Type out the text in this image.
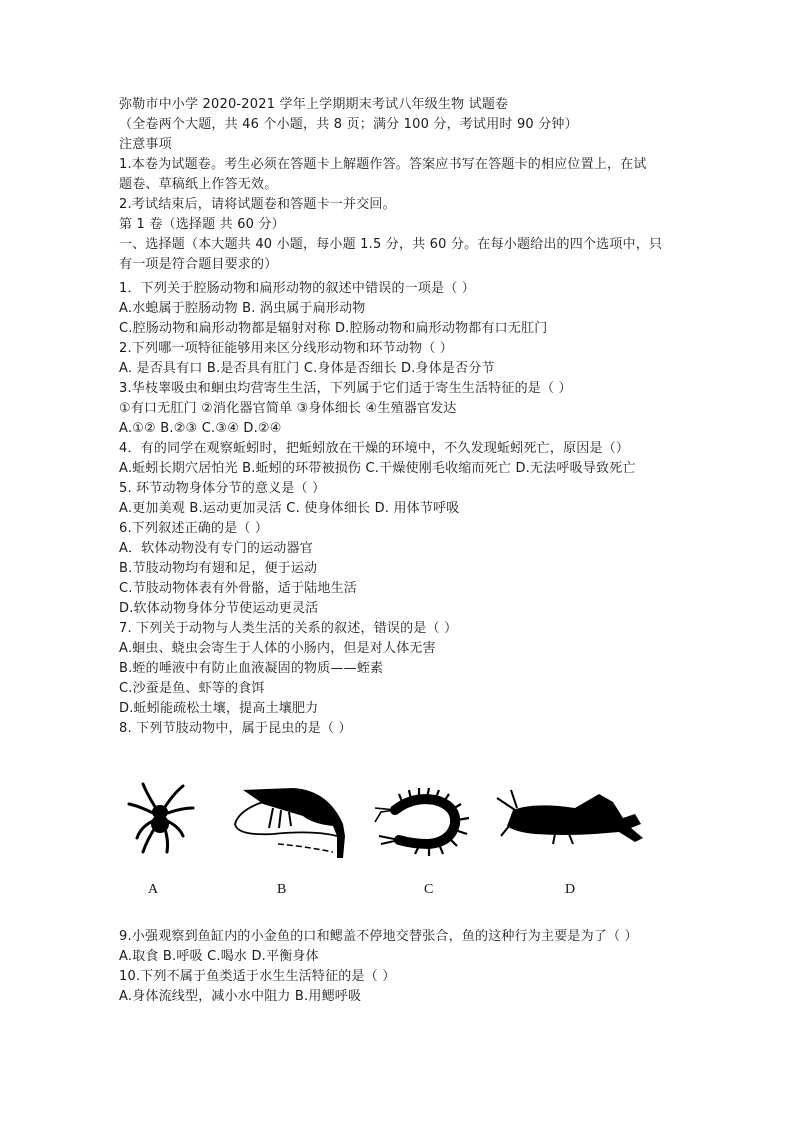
弥勒市中小学 2020-2021 学年上学期期末考试八年级生物 试题卷
（全卷两个大题，共 46 个小题，共 8 页；满分 100 分，考试用时 90 分钟）
注意事项
1.本卷为试题卷。考生必须在答题卡上解题作答。答案应书写在答题卡的相应位置上，在试
题卷、草稿纸上作答无效。
2.考试结束后，请将试题卷和答题卡一并交回。
第 1 卷（选择题 共 60 分）
一、选择题（本大题共 40 小题，每小题 1.5 分，共 60 分。在每小题给出的四个选项中，只
有一项是符合题目要求的）
1．下列关于腔肠动物和扁形动物的叙述中错误的一项是（ ）
A.水螅属于腔肠动物 B. 涡虫属于扁形动物
C.腔肠动物和扁形动物都是辐射对称 D.腔肠动物和扁形动物都有口无肛门
2.下列哪一项特征能够用来区分线形动物和环节动物（ ）
A. 是否具有口 B.是否具有肛门 C.身体是否细长 D.身体是否分节
3.华枝睾吸虫和蛔虫均营寄生生活，下列属于它们适于寄生生活特征的是（ ）
①有口无肛门 ②消化器官简单 ③身体细长 ④生殖器官发达
A.①② B.②③ C.③④ D.②④
4．有的同学在观察蚯蚓时，把蚯蚓放在干燥的环境中，不久发现蚯蚓死亡，原因是（）
A.蚯蚓长期穴居怕光 B.蚯蚓的环带被损伤 C.干燥使刚毛收缩而死亡 D.无法呼吸导致死亡
5. 环节动物身体分节的意义是（ ）
A.更加美观 B.运动更加灵活 C. 使身体细长 D. 用体节呼吸
6.下列叙述正确的是（ ）
A．软体动物没有专门的运动器官
B.节肢动物均有翅和足，便于运动
C.节肢动物体表有外骨骼，适于陆地生活
D.软体动物身体分节使运动更灵活
7. 下列关于动物与人类生活的关系的叙述，错误的是（ ）
A.蛔虫、蛲虫会寄生于人体的小肠内，但是对人体无害
B.蛭的唾液中有防止血液凝固的物质——蛭素
C.沙蚕是鱼、虾等的食饵
D.蚯蚓能疏松土壤，提高土壤肥力
8. 下列节肢动物中，属于昆虫的是（ ）
A	B	C	D
9.小强观察到鱼缸内的小金鱼的口和鳃盖不停地交替张合，鱼的这种行为主要是为了（ ）
A.取食 B.呼吸 C.喝水 D.平衡身体
10.下列不属于鱼类适于水生生活特征的是（ ）
A.身体流线型，减小水中阻力 B.用鳃呼吸
